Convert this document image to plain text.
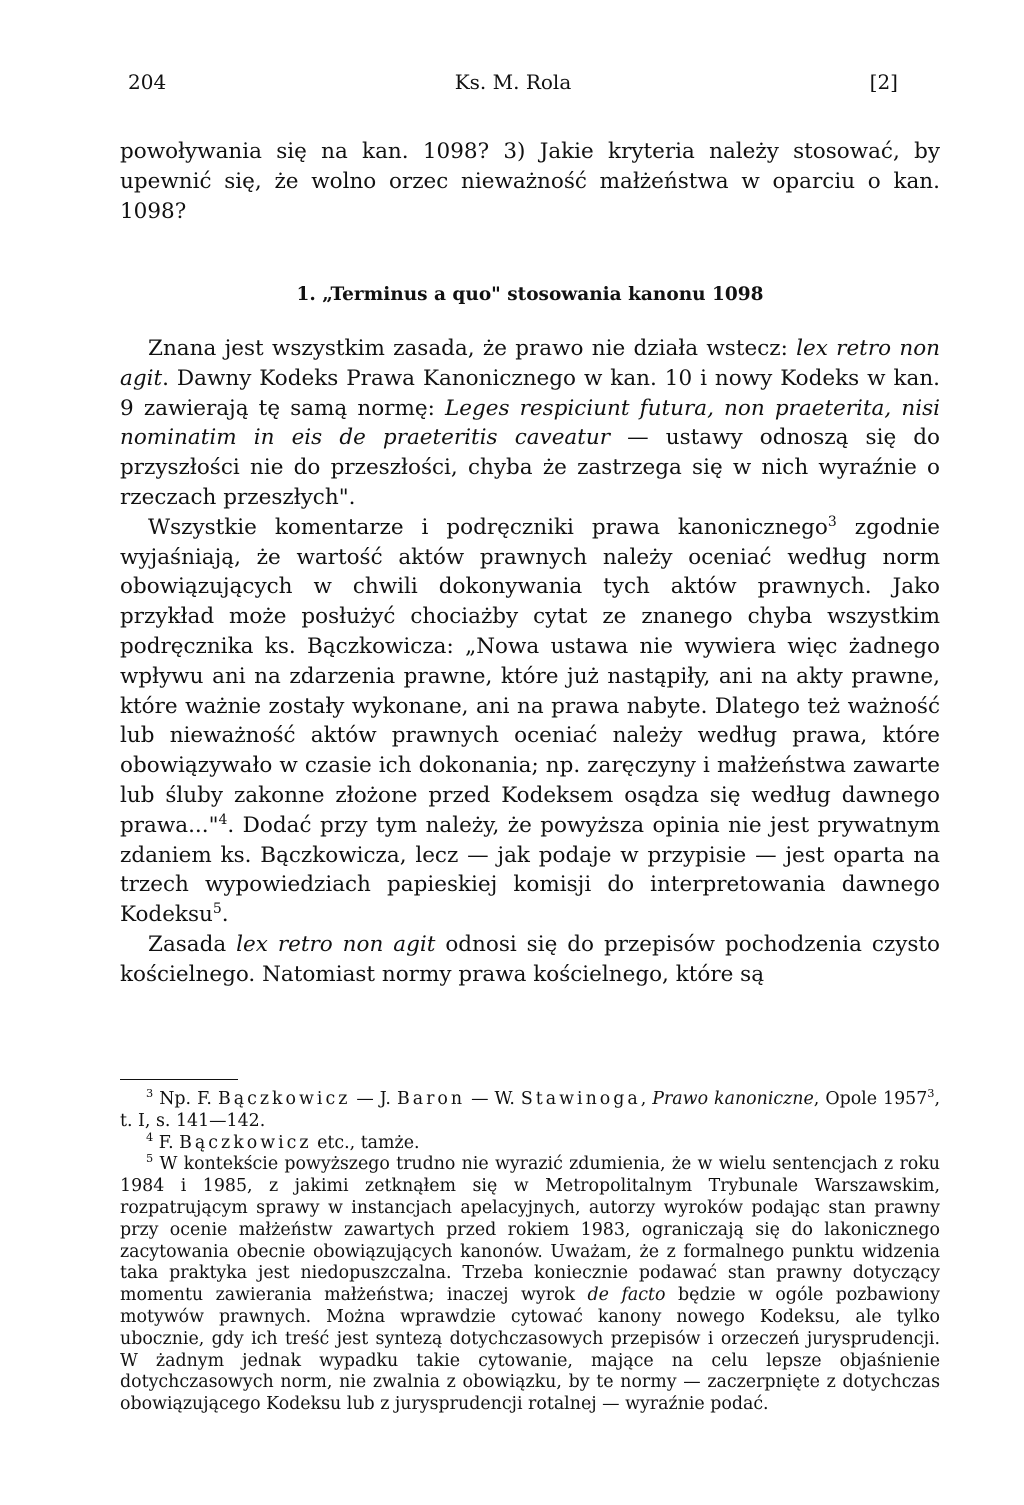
204	Ks. M. Rola	[2]

powoływania się na kan. 1098? 3) Jakie kryteria należy stosować, by upewnić się, że wolno orzec nieważność małżeństwa w oparciu o kan. 1098?

1. „Terminus a quo" stosowania kanonu 1098

Znana jest wszystkim zasada, że prawo nie działa wstecz: lex retro non agit. Dawny Kodeks Prawa Kanonicznego w kan. 10 i nowy Kodeks w kan. 9 zawierają tę samą normę: Leges respiciunt futura, non praeterita, nisi nominatim in eis de praeteritis caveatur — ustawy odnoszą się do przyszłości nie do przeszłości, chyba że zastrzega się w nich wyraźnie o rzeczach przeszłych".

Wszystkie komentarze i podręczniki prawa kanonicznego$^3$ zgodnie wyjaśniają, że wartość aktów prawnych należy oceniać według norm obowiązujących w chwili dokonywania tych aktów prawnych. Jako przykład może posłużyć chociażby cytat ze znanego chyba wszystkim podręcznika ks. Bączkowicza: „Nowa ustawa nie wywiera więc żadnego wpływu ani na zdarzenia prawne, które już nastąpiły, ani na akty prawne, które ważnie zostały wykonane, ani na prawa nabyte. Dlatego też ważność lub nieważność aktów prawnych oceniać należy według prawa, które obowiązywało w czasie ich dokonania; np. zaręczyny i małżeństwa zawarte lub śluby zakonne złożone przed Kodeksem osądza się według dawnego prawa..."$^4$. Dodać przy tym należy, że powyższa opinia nie jest prywatnym zdaniem ks. Bączkowicza, lecz — jak podaje w przypisie — jest oparta na trzech wypowiedziach papieskiej komisji do interpretowania dawnego Kodeksu$^5$.

Zasada lex retro non agit odnosi się do przepisów pochodzenia czysto kościelnego. Natomiast normy prawa kościelnego, które są

$^3$ Np. F. Bączkowicz — J. Baron — W. Stawinoga, Prawo kanoniczne, Opole 1957$^3$, t. I, s. 141—142.

$^4$ F. Bączkowicz etc., tamże.

$^5$ W kontekście powyższego trudno nie wyrazić zdumienia, że w wielu sentencjach z roku 1984 i 1985, z jakimi zetknąłem się w Metropolitalnym Trybunale Warszawskim, rozpatrującym sprawy w instancjach apelacyjnych, autorzy wyroków podając stan prawny przy ocenie małżeństw zawartych przed rokiem 1983, ograniczają się do lakonicznego zacytowania obecnie obowiązujących kanonów. Uważam, że z formalnego punktu widzenia taka praktyka jest niedopuszczalna. Trzeba koniecznie podawać stan prawny dotyczący momentu zawierania małżeństwa; inaczej wyrok de facto będzie w ogóle pozbawiony motywów prawnych. Można wprawdzie cytować kanony nowego Kodeksu, ale tylko ubocznie, gdy ich treść jest syntezą dotychczasowych przepisów i orzeczeń jurysprudencji. W żadnym jednak wypadku takie cytowanie, mające na celu lepsze objaśnienie dotychczasowych norm, nie zwalnia z obowiązku, by te normy — zaczerpnięte z dotychczas obowiązującego Kodeksu lub z jurysprudencji rotalnej — wyraźnie podać.
